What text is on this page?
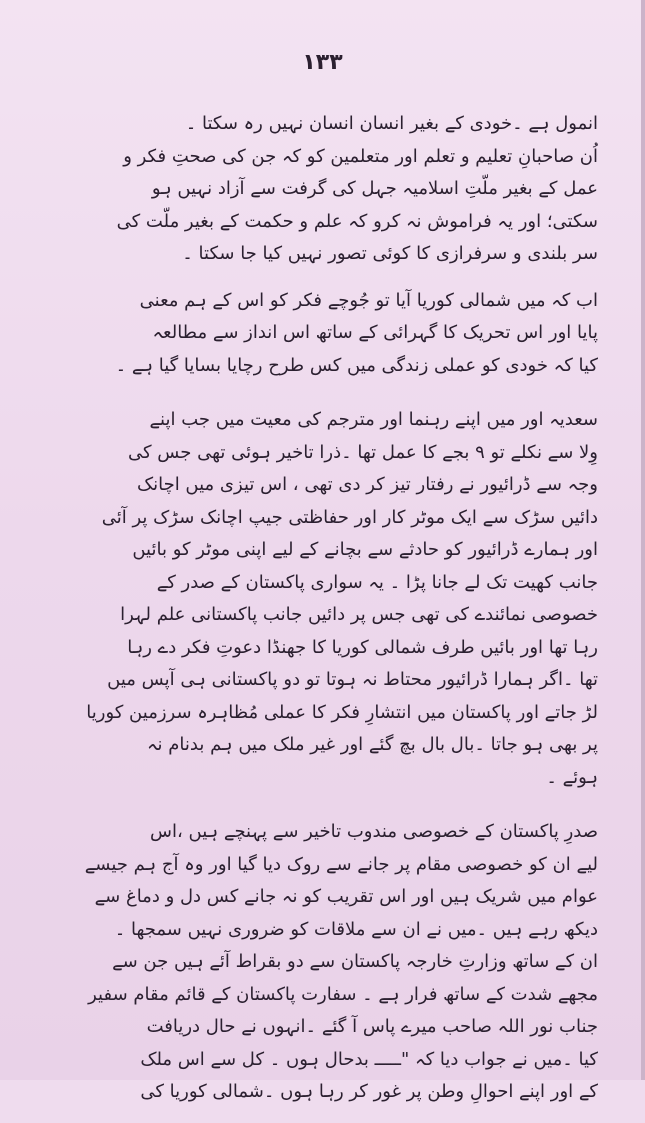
۱۳۳

انمول ہے ۔خودی کے بغیر انسان انسان نہیں رہ سکتا ۔
اُن صاحبانِ تعلیم و تعلم اور متعلمین کو کہ جن کی صحتِ فکر و
عمل کے بغیر ملّتِ اسلامیہ جہل کی گرفت سے آزاد نہیں ہو
سکتی؛ اور یہ فراموش نہ کرو کہ علم و حکمت کے بغیر ملّت کی
سر بلندی و سرفرازی کا کوئی تصور نہیں کیا جا سکتا ۔

اب کہ میں شمالی کوریا آیا تو جُوچے فکر کو اس کے ہم معنی
پایا اور اس تحریک کا گہرائی کے ساتھ اس انداز سے مطالعہ
کیا کہ خودی کو عملی زندگی میں کس طرح رچایا بسایا گیا ہے ۔

سعدیہ اور میں اپنے رہنما اور مترجم کی معیت میں جب اپنے
وِلا سے نکلے تو ۹ بجے کا عمل تھا ۔ذرا تاخیر ہوئی تھی جس کی
وجہ سے ڈرائیور نے رفتار تیز کر دی تھی ، اس تیزی میں اچانک
دائیں سڑک سے ایک موٹر کار اور حفاظتی جیپ اچانک سڑک پر آئی
اور ہمارے ڈرائیور کو حادثے سے بچانے کے لیے اپنی موٹر کو بائیں
جانب کھیت تک لے جانا پڑا ۔ یہ سواری پاکستان کے صدر کے
خصوصی نمائندے کی تھی جس پر دائیں جانب پاکستانی علم لہرا
رہا تھا اور بائیں طرف شمالی کوریا کا جھنڈا دعوتِ فکر دے رہا
تھا ۔اگر ہمارا ڈرائیور محتاط نہ ہوتا تو دو پاکستانی ہی آپس میں
لڑ جاتے اور پاکستان میں انتشارِ فکر کا عملی مُظاہرہ سرزمین کوریا
پر بھی ہو جاتا ۔بال بال بچ گئے اور غیر ملک میں ہم بدنام نہ
ہوئے ۔

صدرِ پاکستان کے خصوصی مندوب تاخیر سے پہنچے ہیں ،اس
لیے ان کو خصوصی مقام پر جانے سے روک دیا گیا اور وہ آج ہم جیسے
عوام میں شریک ہیں اور اس تقریب کو نہ جانے کس دل و دماغ سے
دیکھ رہے ہیں ۔میں نے ان سے ملاقات کو ضروری نہیں سمجھا ۔
ان کے ساتھ وزارتِ خارجہ پاکستان سے دو بقراط آئے ہیں جن سے
مجھے شدت کے ساتھ فرار ہے ۔ سفارت پاکستان کے قائم مقام سفیر
جناب نور اللہ صاحب میرے پاس آ گئے ۔انہوں نے حال دریافت
کیا ۔میں نے جواب دیا کہ "ـــــ بدحال ہوں ۔ کل سے اس ملک
کے اور اپنے احوالِ وطن پر غور کر رہا ہوں ۔شمالی کوریا کی
